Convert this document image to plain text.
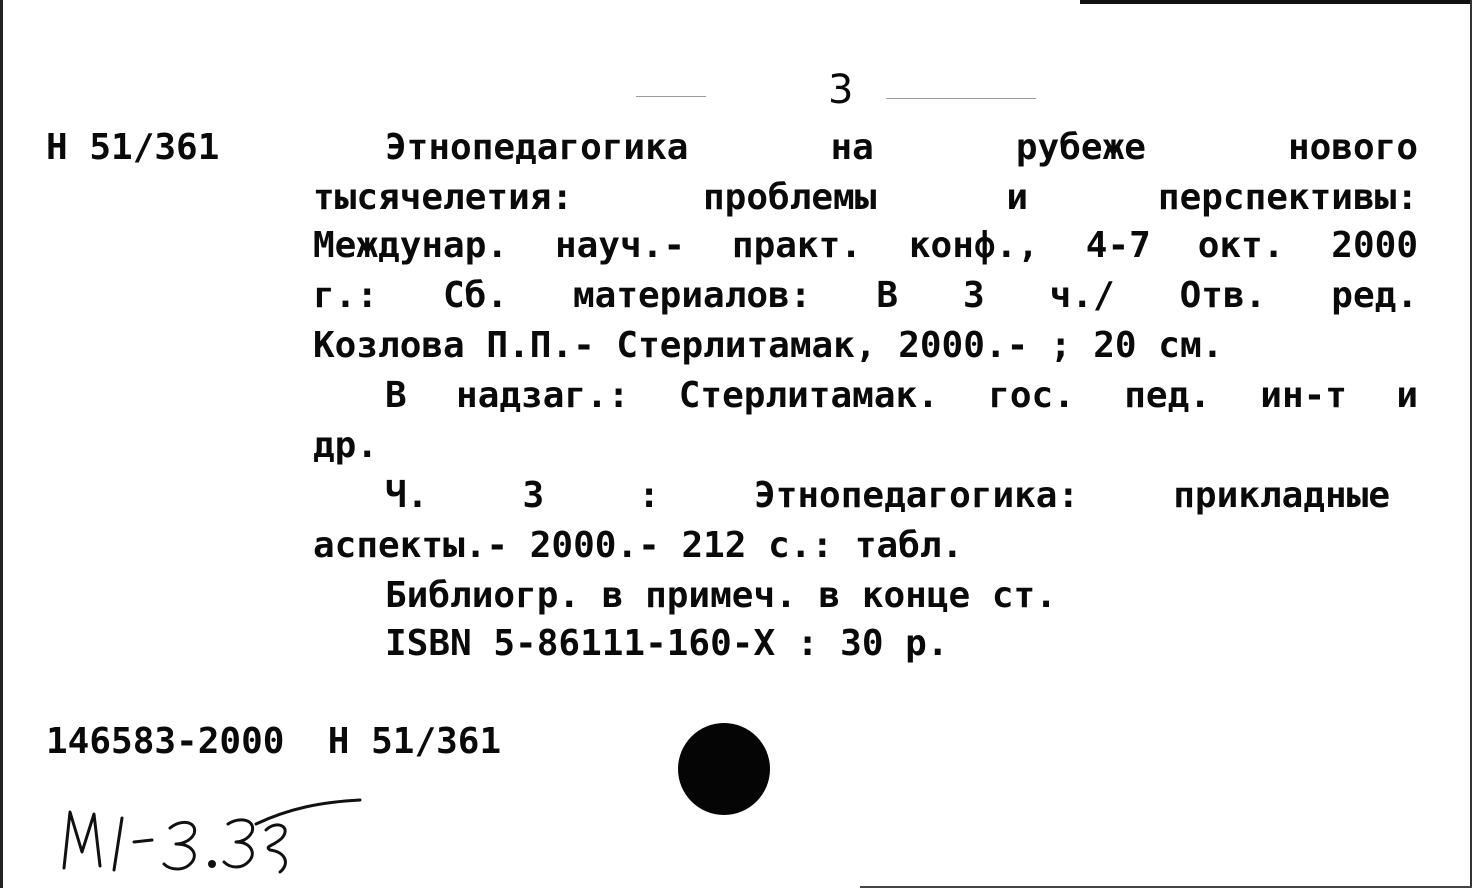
3
Н 51/361	Этнопедагогика на рубеже нового
тысячелетия: проблемы и перспективы:
Междунар. науч.- практ. конф., 4-7 окт. 2000
г.: Сб. материалов: В 3 ч./ Отв. ред.
Козлова П.П.- Стерлитамак, 2000.- ; 20 см.
В надзаг.: Стерлитамак. гос. пед. ин-т и
др.
Ч. 3 : Этнопедагогика: прикладные
аспекты.- 2000.- 212 с.: табл.
Библиогр. в примеч. в конце ст.
ISBN 5-86111-160-X : 30 р.
146583-2000  Н 51/361
